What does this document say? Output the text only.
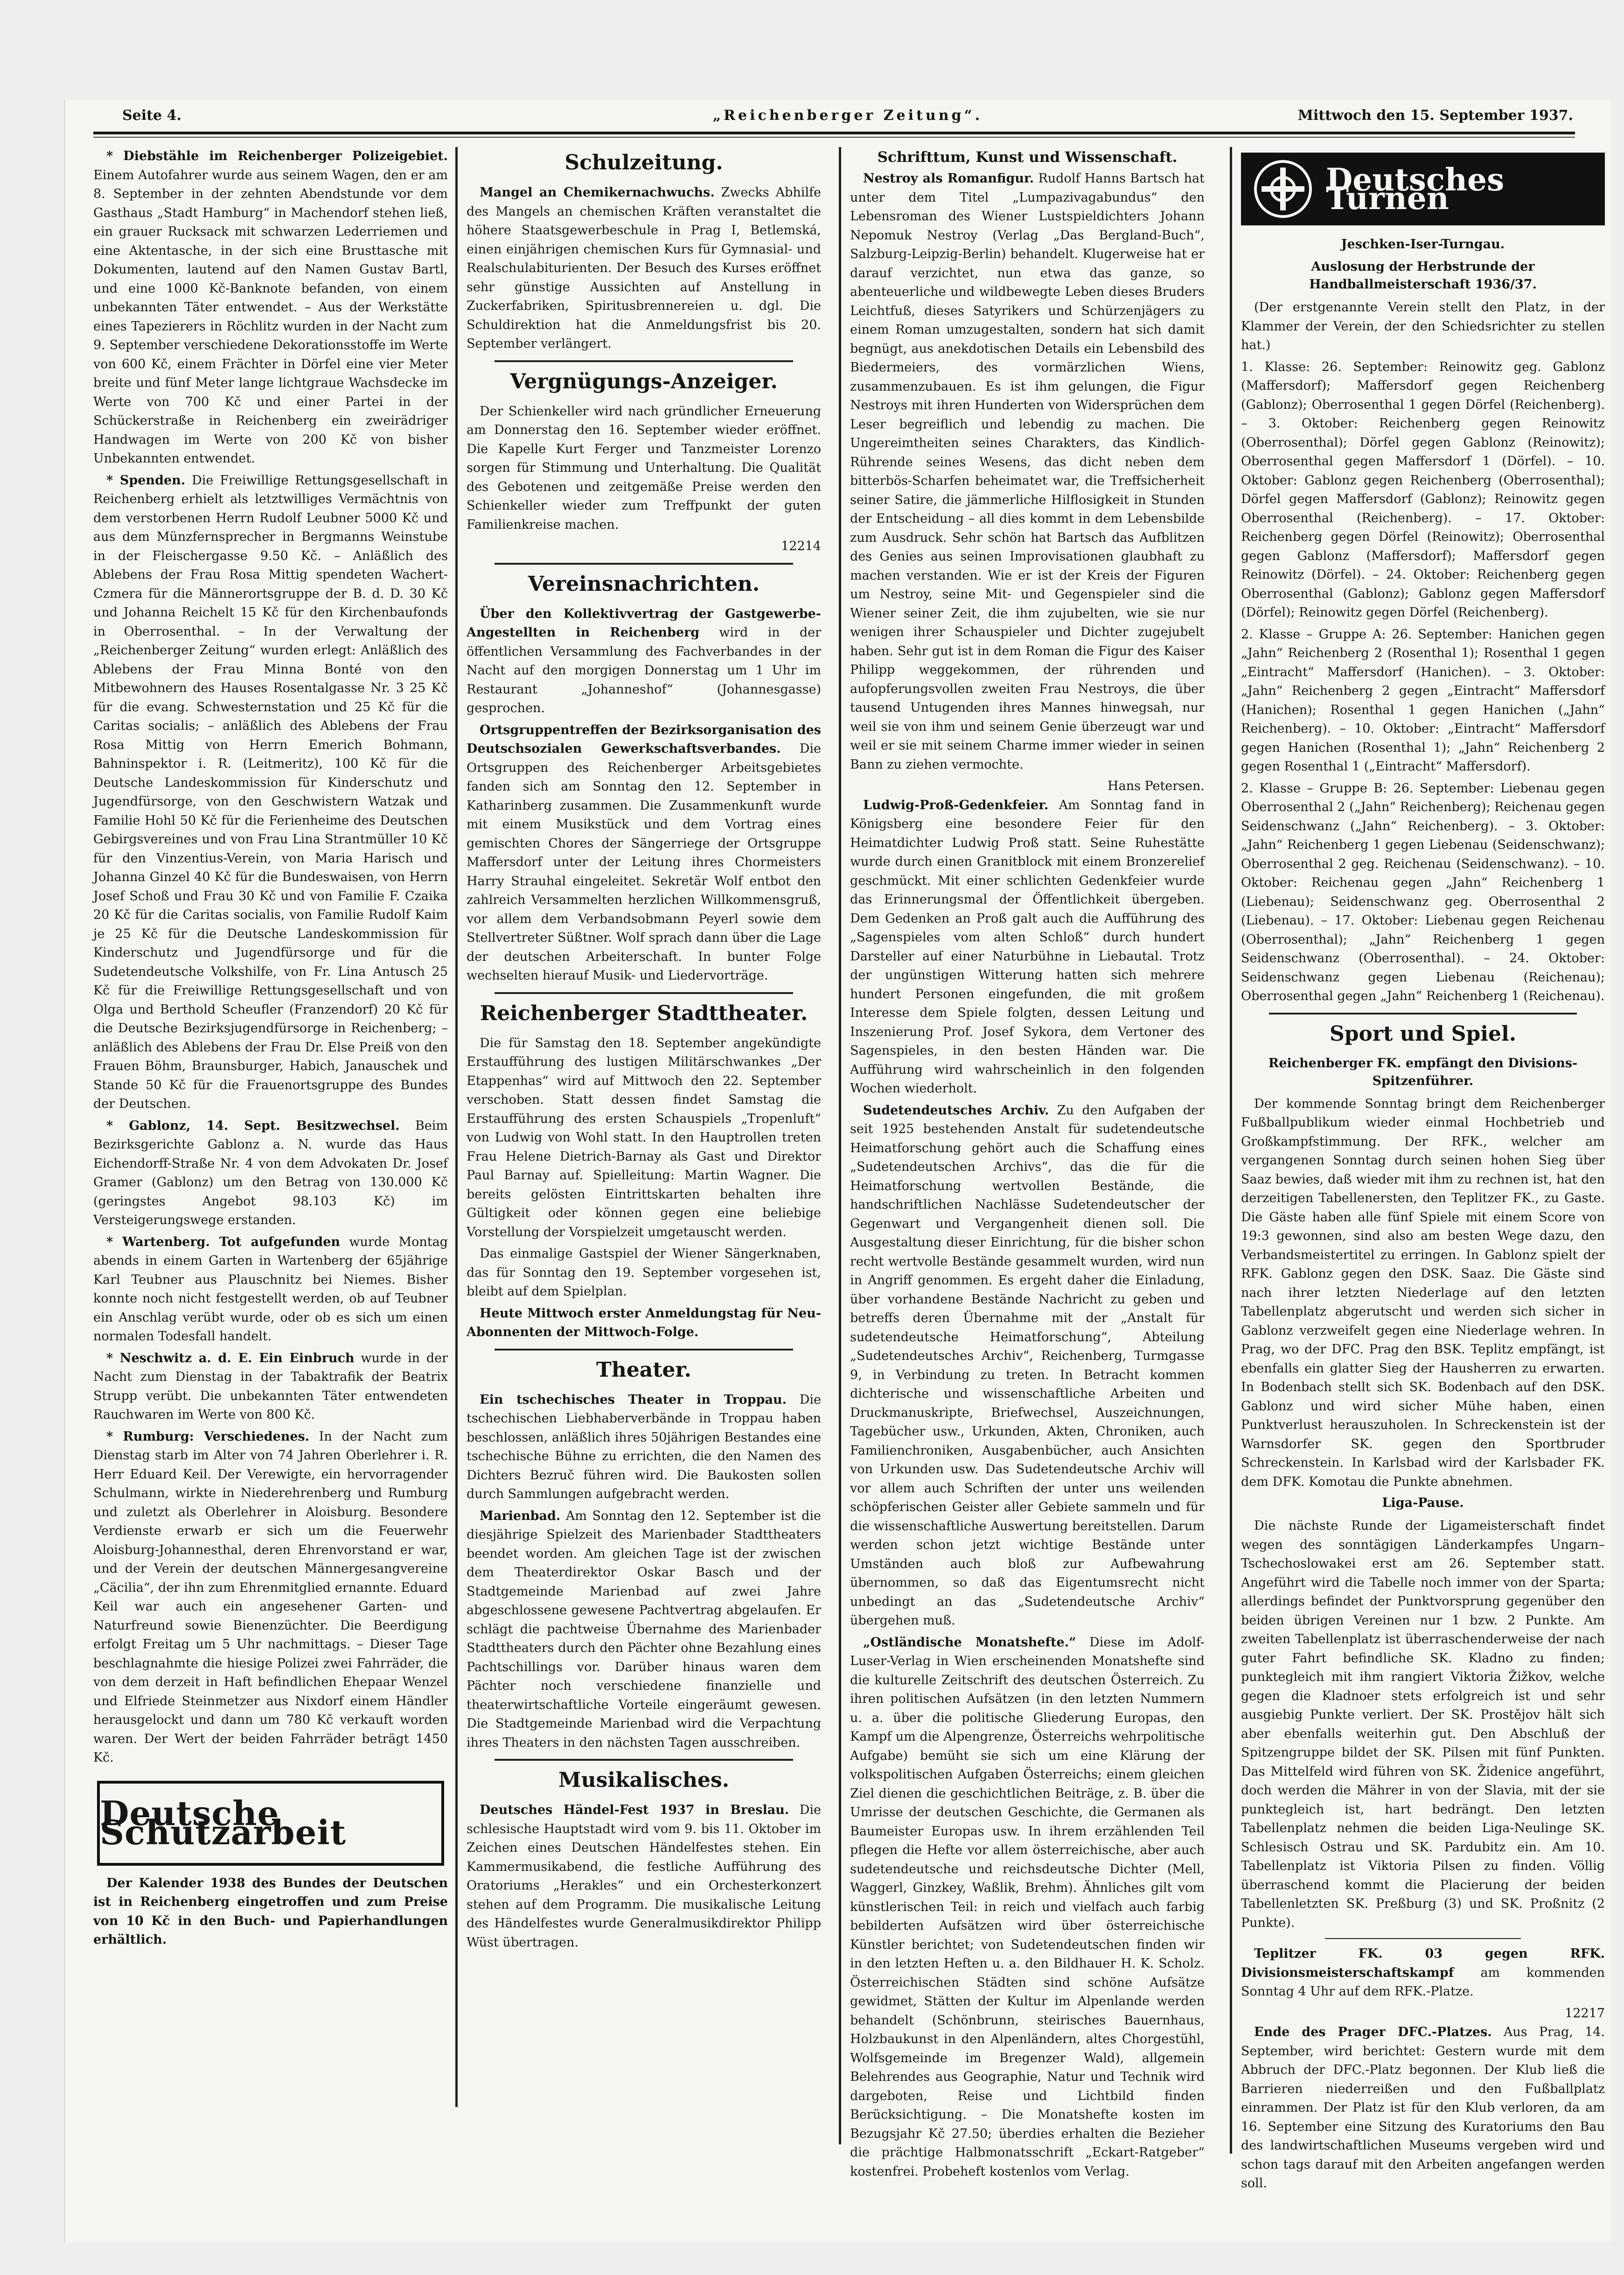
Seite 4.	„Reichenberger Zeitung“.	Mittwoch den 15. September 1937.

* Diebstähle im Reichenberger Polizeigebiet. Einem Autofahrer wurde aus seinem Wagen, den er am 8. September in der zehnten Abendstunde vor dem Gasthaus „Stadt Hamburg“ in Machendorf stehen ließ, ein grauer Rucksack mit schwarzen Lederriemen und eine Aktentasche, in der sich eine Brusttasche mit Dokumenten, lautend auf den Namen Gustav Bartl, und eine 1000 Kč-Banknote befanden, von einem unbekannten Täter entwendet. – Aus der Werkstätte eines Tapezierers in Röchlitz wurden in der Nacht zum 9. September verschiedene Dekorationsstoffe im Werte von 600 Kč, einem Frächter in Dörfel eine vier Meter breite und fünf Meter lange lichtgraue Wachsdecke im Werte von 700 Kč und einer Partei in der Schückerstraße in Reichenberg ein zweirädriger Handwagen im Werte von 200 Kč von bisher Unbekannten entwendet.

* Spenden. Die Freiwillige Rettungsgesellschaft in Reichenberg erhielt als letztwilliges Vermächtnis von dem verstorbenen Herrn Rudolf Leubner 5000 Kč und aus dem Münzfernsprecher in Bergmanns Weinstube in der Fleischergasse 9.50 Kč. – Anläßlich des Ablebens der Frau Rosa Mittig spendeten Wachert-Czmera für die Männerortsgruppe der B. d. D. 30 Kč und Johanna Reichelt 15 Kč für den Kirchenbaufonds in Oberrosenthal. – In der Verwaltung der „Reichenberger Zeitung“ wurden erlegt: Anläßlich des Ablebens der Frau Minna Bonté von den Mitbewohnern des Hauses Rosentalgasse Nr. 3 25 Kč für die evang. Schwesternstation und 25 Kč für die Caritas socialis; – anläßlich des Ablebens der Frau Rosa Mittig von Herrn Emerich Bohmann, Bahninspektor i. R. (Leitmeritz), 100 Kč für die Deutsche Landeskommission für Kinderschutz und Jugendfürsorge, von den Geschwistern Watzak und Familie Hohl 50 Kč für die Ferienheime des Deutschen Gebirgsvereines und von Frau Lina Strantmüller 10 Kč für den Vinzentius-Verein, von Maria Harisch und Johanna Ginzel 40 Kč für die Bundeswaisen, von Herrn Josef Schoß und Frau 30 Kč und von Familie F. Czaika 20 Kč für die Caritas socialis, von Familie Rudolf Kaim je 25 Kč für die Deutsche Landeskommission für Kinderschutz und Jugendfürsorge und für die Sudetendeutsche Volkshilfe, von Fr. Lina Antusch 25 Kč für die Freiwillige Rettungsgesellschaft und von Olga und Berthold Scheufler (Franzendorf) 20 Kč für die Deutsche Bezirksjugendfürsorge in Reichenberg; – anläßlich des Ablebens der Frau Dr. Else Preiß von den Frauen Böhm, Braunsburger, Habich, Janauschek und Stande 50 Kč für die Frauenortsgruppe des Bundes der Deutschen.

* Gablonz, 14. Sept. Besitzwechsel. Beim Bezirksgerichte Gablonz a. N. wurde das Haus Eichendorff-Straße Nr. 4 von dem Advokaten Dr. Josef Gramer (Gablonz) um den Betrag von 130.000 Kč (geringstes Angebot 98.103 Kč) im Versteigerungswege erstanden.

* Wartenberg. Tot aufgefunden wurde Montag abends in einem Garten in Wartenberg der 65jährige Karl Teubner aus Plauschnitz bei Niemes. Bisher konnte noch nicht festgestellt werden, ob auf Teubner ein Anschlag verübt wurde, oder ob es sich um einen normalen Todesfall handelt.

* Neschwitz a. d. E. Ein Einbruch wurde in der Nacht zum Dienstag in der Tabaktrafik der Beatrix Strupp verübt. Die unbekannten Täter entwendeten Rauchwaren im Werte von 800 Kč.

* Rumburg: Verschiedenes. In der Nacht zum Dienstag starb im Alter von 74 Jahren Oberlehrer i. R. Herr Eduard Keil. Der Verewigte, ein hervorragender Schulmann, wirkte in Niederehrenberg und Rumburg und zuletzt als Oberlehrer in Aloisburg. Besondere Verdienste erwarb er sich um die Feuerwehr Aloisburg-Johannesthal, deren Ehrenvorstand er war, und der Verein der deutschen Männergesangvereine „Cäcilia“, der ihn zum Ehrenmitglied ernannte. Eduard Keil war auch ein angesehener Garten- und Naturfreund sowie Bienenzüchter. Die Beerdigung erfolgt Freitag um 5 Uhr nachmittags. – Dieser Tage beschlagnahmte die hiesige Polizei zwei Fahrräder, die von dem derzeit in Haft befindlichen Ehepaar Wenzel und Elfriede Steinmetzer aus Nixdorf einem Händler herausgelockt und dann um 780 Kč verkauft worden waren. Der Wert der beiden Fahrräder beträgt 1450 Kč.

Deutsche Schutzarbeit

Der Kalender 1938 des Bundes der Deutschen ist in Reichenberg eingetroffen und zum Preise von 10 Kč in den Buch- und Papierhandlungen erhältlich.

Schulzeitung.

Mangel an Chemikernachwuchs. Zwecks Abhilfe des Mangels an chemischen Kräften veranstaltet die höhere Staatsgewerbeschule in Prag I, Betlemská, einen einjährigen chemischen Kurs für Gymnasial- und Realschulabiturienten. Der Besuch des Kurses eröffnet sehr günstige Aussichten auf Anstellung in Zuckerfabriken, Spiritusbrennereien u. dgl. Die Schuldirektion hat die Anmeldungsfrist bis 20. September verlängert.

Vergnügungs-Anzeiger.

Der Schienkeller wird nach gründlicher Erneuerung am Donnerstag den 16. September wieder eröffnet. Die Kapelle Kurt Ferger und Tanzmeister Lorenzo sorgen für Stimmung und Unterhaltung. Die Qualität des Gebotenen und zeitgemäße Preise werden den Schienkeller wieder zum Treffpunkt der guten Familienkreise machen.

12214
Vereinsnachrichten.

Über den Kollektivvertrag der Gastgewerbe-Angestellten in Reichenberg wird in der öffentlichen Versammlung des Fachverbandes in der Nacht auf den morgigen Donnerstag um 1 Uhr im Restaurant „Johanneshof“ (Johannesgasse) gesprochen.

Ortsgruppentreffen der Bezirksorganisation des Deutschsozialen Gewerkschaftsverbandes. Die Ortsgruppen des Reichenberger Arbeitsgebietes fanden sich am Sonntag den 12. September in Katharinberg zusammen. Die Zusammenkunft wurde mit einem Musikstück und dem Vortrag eines gemischten Chores der Sängerriege der Ortsgruppe Maffersdorf unter der Leitung ihres Chormeisters Harry Strauhal eingeleitet. Sekretär Wolf entbot den zahlreich Versammelten herzlichen Willkommensgruß, vor allem dem Verbandsobmann Peyerl sowie dem Stellvertreter Süßtner. Wolf sprach dann über die Lage der deutschen Arbeiterschaft. In bunter Folge wechselten hierauf Musik- und Liedervorträge.

Reichenberger Stadttheater.

Die für Samstag den 18. September angekündigte Erstaufführung des lustigen Militärschwankes „Der Etappenhas“ wird auf Mittwoch den 22. September verschoben. Statt dessen findet Samstag die Erstaufführung des ersten Schauspiels „Tropenluft“ von Ludwig von Wohl statt. In den Hauptrollen treten Frau Helene Dietrich-Barnay als Gast und Direktor Paul Barnay auf. Spielleitung: Martin Wagner. Die bereits gelösten Eintrittskarten behalten ihre Gültigkeit oder können gegen eine beliebige Vorstellung der Vorspielzeit umgetauscht werden.

Das einmalige Gastspiel der Wiener Sängerknaben, das für Sonntag den 19. September vorgesehen ist, bleibt auf dem Spielplan.

Heute Mittwoch erster Anmeldungstag für Neu-Abonnenten der Mittwoch-Folge.

Theater.

Ein tschechisches Theater in Troppau. Die tschechischen Liebhaberverbände in Troppau haben beschlossen, anläßlich ihres 50jährigen Bestandes eine tschechische Bühne zu errichten, die den Namen des Dichters Bezruč führen wird. Die Baukosten sollen durch Sammlungen aufgebracht werden.

Marienbad. Am Sonntag den 12. September ist die diesjährige Spielzeit des Marienbader Stadttheaters beendet worden. Am gleichen Tage ist der zwischen dem Theaterdirektor Oskar Basch und der Stadtgemeinde Marienbad auf zwei Jahre abgeschlossene gewesene Pachtvertrag abgelaufen. Er schlägt die pachtweise Übernahme des Marienbader Stadttheaters durch den Pächter ohne Bezahlung eines Pachtschillings vor. Darüber hinaus waren dem Pächter noch verschiedene finanzielle und theaterwirtschaftliche Vorteile eingeräumt gewesen. Die Stadtgemeinde Marienbad wird die Verpachtung ihres Theaters in den nächsten Tagen ausschreiben.

Musikalisches.

Deutsches Händel-Fest 1937 in Breslau. Die schlesische Hauptstadt wird vom 9. bis 11. Oktober im Zeichen eines Deutschen Händelfestes stehen. Ein Kammermusikabend, die festliche Aufführung des Oratoriums „Herakles“ und ein Orchesterkonzert stehen auf dem Programm. Die musikalische Leitung des Händelfestes wurde Generalmusikdirektor Philipp Wüst übertragen.

Schrifttum, Kunst und Wissenschaft.

Nestroy als Romanfigur. Rudolf Hanns Bartsch hat unter dem Titel „Lumpazivagabundus“ den Lebensroman des Wiener Lustspieldichters Johann Nepomuk Nestroy (Verlag „Das Bergland-Buch“, Salzburg-Leipzig-Berlin) behandelt. Klugerweise hat er darauf verzichtet, nun etwa das ganze, so abenteuerliche und wildbewegte Leben dieses Bruders Leichtfuß, dieses Satyrikers und Schürzenjägers zu einem Roman umzugestalten, sondern hat sich damit begnügt, aus anekdotischen Details ein Lebensbild des Biedermeiers, des vormärzlichen Wiens, zusammenzubauen. Es ist ihm gelungen, die Figur Nestroys mit ihren Hunderten von Widersprüchen dem Leser begreiflich und lebendig zu machen. Die Ungereimtheiten seines Charakters, das Kindlich-Rührende seines Wesens, das dicht neben dem bitterbös-Scharfen beheimatet war, die Treffsicherheit seiner Satire, die jämmerliche Hilflosigkeit in Stunden der Entscheidung – all dies kommt in dem Lebensbilde zum Ausdruck. Sehr schön hat Bartsch das Aufblitzen des Genies aus seinen Improvisationen glaubhaft zu machen verstanden. Wie er ist der Kreis der Figuren um Nestroy, seine Mit- und Gegenspieler sind die Wiener seiner Zeit, die ihm zujubelten, wie sie nur wenigen ihrer Schauspieler und Dichter zugejubelt haben. Sehr gut ist in dem Roman die Figur des Kaiser Philipp weggekommen, der rührenden und aufopferungsvollen zweiten Frau Nestroys, die über tausend Untugenden ihres Mannes hinwegsah, nur weil sie von ihm und seinem Genie überzeugt war und weil er sie mit seinem Charme immer wieder in seinen Bann zu ziehen vermochte.

Hans Petersen.

Ludwig-Proß-Gedenkfeier. Am Sonntag fand in Königsberg eine besondere Feier für den Heimatdichter Ludwig Proß statt. Seine Ruhestätte wurde durch einen Granitblock mit einem Bronzerelief geschmückt. Mit einer schlichten Gedenkfeier wurde das Erinnerungsmal der Öffentlichkeit übergeben. Dem Gedenken an Proß galt auch die Aufführung des „Sagenspieles vom alten Schloß“ durch hundert Darsteller auf einer Naturbühne in Liebautal. Trotz der ungünstigen Witterung hatten sich mehrere hundert Personen eingefunden, die mit großem Interesse dem Spiele folgten, dessen Leitung und Inszenierung Prof. Josef Sykora, dem Vertoner des Sagenspieles, in den besten Händen war. Die Aufführung wird wahrscheinlich in den folgenden Wochen wiederholt.

Sudetendeutsches Archiv. Zu den Aufgaben der seit 1925 bestehenden Anstalt für sudetendeutsche Heimatforschung gehört auch die Schaffung eines „Sudetendeutschen Archivs“, das die für die Heimatforschung wertvollen Bestände, die handschriftlichen Nachlässe Sudetendeutscher der Gegenwart und Vergangenheit dienen soll. Die Ausgestaltung dieser Einrichtung, für die bisher schon recht wertvolle Bestände gesammelt wurden, wird nun in Angriff genommen. Es ergeht daher die Einladung, über vorhandene Bestände Nachricht zu geben und betreffs deren Übernahme mit der „Anstalt für sudetendeutsche Heimatforschung“, Abteilung „Sudetendeutsches Archiv“, Reichenberg, Turmgasse 9, in Verbindung zu treten. In Betracht kommen dichterische und wissenschaftliche Arbeiten und Druckmanuskripte, Briefwechsel, Auszeichnungen, Tagebücher usw., Urkunden, Akten, Chroniken, auch Familienchroniken, Ausgabenbücher, auch Ansichten von Urkunden usw. Das Sudetendeutsche Archiv will vor allem auch Schriften der unter uns weilenden schöpferischen Geister aller Gebiete sammeln und für die wissenschaftliche Auswertung bereitstellen. Darum werden schon jetzt wichtige Bestände unter Umständen auch bloß zur Aufbewahrung übernommen, so daß das Eigentumsrecht nicht unbedingt an das „Sudetendeutsche Archiv“ übergehen muß.

„Ostländische Monatshefte.“ Diese im Adolf-Luser-Verlag in Wien erscheinenden Monatshefte sind die kulturelle Zeitschrift des deutschen Österreich. Zu ihren politischen Aufsätzen (in den letzten Nummern u. a. über die politische Gliederung Europas, den Kampf um die Alpengrenze, Österreichs wehrpolitische Aufgabe) bemüht sie sich um eine Klärung der volkspolitischen Aufgaben Österreichs; einem gleichen Ziel dienen die geschichtlichen Beiträge, z. B. über die Umrisse der deutschen Geschichte, die Germanen als Baumeister Europas usw. In ihrem erzählenden Teil pflegen die Hefte vor allem österreichische, aber auch sudetendeutsche und reichsdeutsche Dichter (Mell, Waggerl, Ginzkey, Waßlik, Brehm). Ähnliches gilt vom künstlerischen Teil: in reich und vielfach auch farbig bebilderten Aufsätzen wird über österreichische Künstler berichtet; von Sudetendeutschen finden wir in den letzten Heften u. a. den Bildhauer H. K. Scholz. Österreichischen Städten sind schöne Aufsätze gewidmet, Stätten der Kultur im Alpenlande werden behandelt (Schönbrunn, steirisches Bauernhaus, Holzbaukunst in den Alpenländern, altes Chorgestühl, Wolfsgemeinde im Bregenzer Wald), allgemein Belehrendes aus Geographie, Natur und Technik wird dargeboten, Reise und Lichtbild finden Berücksichtigung. – Die Monatshefte kosten im Bezugsjahr Kč 27.50; überdies erhalten die Bezieher die prächtige Halbmonatsschrift „Eckart-Ratgeber“ kostenfrei. Probeheft kostenlos vom Verlag.

Deutsches Turnen
Jeschken-Iser-Turngau.
Auslosung der Herbstrunde der Handballmeisterschaft 1936/37.

(Der erstgenannte Verein stellt den Platz, in der Klammer der Verein, der den Schiedsrichter zu stellen hat.)

1. Klasse: 26. September: Reinowitz geg. Gablonz (Maffersdorf); Maffersdorf gegen Reichenberg (Gablonz); Oberrosenthal 1 gegen Dörfel (Reichenberg). – 3. Oktober: Reichenberg gegen Reinowitz (Oberrosenthal); Dörfel gegen Gablonz (Reinowitz); Oberrosenthal gegen Maffersdorf 1 (Dörfel). – 10. Oktober: Gablonz gegen Reichenberg (Oberrosenthal); Dörfel gegen Maffersdorf (Gablonz); Reinowitz gegen Oberrosenthal (Reichenberg). – 17. Oktober: Reichenberg gegen Dörfel (Reinowitz); Oberrosenthal gegen Gablonz (Maffersdorf); Maffersdorf gegen Reinowitz (Dörfel). – 24. Oktober: Reichenberg gegen Oberrosenthal (Gablonz); Gablonz gegen Maffersdorf (Dörfel); Reinowitz gegen Dörfel (Reichenberg).

2. Klasse – Gruppe A: 26. September: Hanichen gegen „Jahn“ Reichenberg 2 (Rosenthal 1); Rosenthal 1 gegen „Eintracht“ Maffersdorf (Hanichen). – 3. Oktober: „Jahn“ Reichenberg 2 gegen „Eintracht“ Maffersdorf (Hanichen); Rosenthal 1 gegen Hanichen („Jahn“ Reichenberg). – 10. Oktober: „Eintracht“ Maffersdorf gegen Hanichen (Rosenthal 1); „Jahn“ Reichenberg 2 gegen Rosenthal 1 („Eintracht“ Maffersdorf).

2. Klasse – Gruppe B: 26. September: Liebenau gegen Oberrosenthal 2 („Jahn“ Reichenberg); Reichenau gegen Seidenschwanz („Jahn“ Reichenberg). – 3. Oktober: „Jahn“ Reichenberg 1 gegen Liebenau (Seidenschwanz); Oberrosenthal 2 geg. Reichenau (Seidenschwanz). – 10. Oktober: Reichenau gegen „Jahn“ Reichenberg 1 (Liebenau); Seidenschwanz geg. Oberrosenthal 2 (Liebenau). – 17. Oktober: Liebenau gegen Reichenau (Oberrosenthal); „Jahn“ Reichenberg 1 gegen Seidenschwanz (Oberrosenthal). – 24. Oktober: Seidenschwanz gegen Liebenau (Reichenau); Oberrosenthal gegen „Jahn“ Reichenberg 1 (Reichenau).

Sport und Spiel.
Reichenberger FK. empfängt den Divisions-Spitzenführer.

Der kommende Sonntag bringt dem Reichenberger Fußballpublikum wieder einmal Hochbetrieb und Großkampfstimmung. Der RFK., welcher am vergangenen Sonntag durch seinen hohen Sieg über Saaz bewies, daß wieder mit ihm zu rechnen ist, hat den derzeitigen Tabellenersten, den Teplitzer FK., zu Gaste. Die Gäste haben alle fünf Spiele mit einem Score von 19:3 gewonnen, sind also am besten Wege dazu, den Verbandsmeistertitel zu erringen. In Gablonz spielt der RFK. Gablonz gegen den DSK. Saaz. Die Gäste sind nach ihrer letzten Niederlage auf den letzten Tabellenplatz abgerutscht und werden sich sicher in Gablonz verzweifelt gegen eine Niederlage wehren. In Prag, wo der DFC. Prag den BSK. Teplitz empfängt, ist ebenfalls ein glatter Sieg der Hausherren zu erwarten. In Bodenbach stellt sich SK. Bodenbach auf den DSK. Gablonz und wird sicher Mühe haben, einen Punktverlust herauszuholen. In Schreckenstein ist der Warnsdorfer SK. gegen den Sportbruder Schreckenstein. In Karlsbad wird der Karlsbader FK. dem DFK. Komotau die Punkte abnehmen.

Liga-Pause.

Die nächste Runde der Ligameisterschaft findet wegen des sonntägigen Länderkampfes Ungarn–Tschechoslowakei erst am 26. September statt. Angeführt wird die Tabelle noch immer von der Sparta; allerdings befindet der Punktvorsprung gegenüber den beiden übrigen Vereinen nur 1 bzw. 2 Punkte. Am zweiten Tabellenplatz ist überraschenderweise der nach guter Fahrt befindliche SK. Kladno zu finden; punktegleich mit ihm rangiert Viktoria Žižkov, welche gegen die Kladnoer stets erfolgreich ist und sehr ausgiebig Punkte verliert. Der SK. Prostějov hält sich aber ebenfalls weiterhin gut. Den Abschluß der Spitzengruppe bildet der SK. Pilsen mit fünf Punkten. Das Mittelfeld wird führen von SK. Židenice angeführt, doch werden die Mährer in von der Slavia, mit der sie punktegleich ist, hart bedrängt. Den letzten Tabellenplatz nehmen die beiden Liga-Neulinge SK. Schlesisch Ostrau und SK. Pardubitz ein. Am 10. Tabellenplatz ist Viktoria Pilsen zu finden. Völlig überraschend kommt die Placierung der beiden Tabellenletzten SK. Preßburg (3) und SK. Proßnitz (2 Punkte).

Teplitzer FK. 03 gegen RFK. Divisionsmeisterschaftskampf am kommenden Sonntag 4 Uhr auf dem RFK.-Platze.

12217

Ende des Prager DFC.-Platzes. Aus Prag, 14. September, wird berichtet: Gestern wurde mit dem Abbruch der DFC.-Platz begonnen. Der Klub ließ die Barrieren niederreißen und den Fußballplatz einrammen. Der Platz ist für den Klub verloren, da am 16. September eine Sitzung des Kuratoriums den Bau des landwirtschaftlichen Museums vergeben wird und schon tags darauf mit den Arbeiten angefangen werden soll.
